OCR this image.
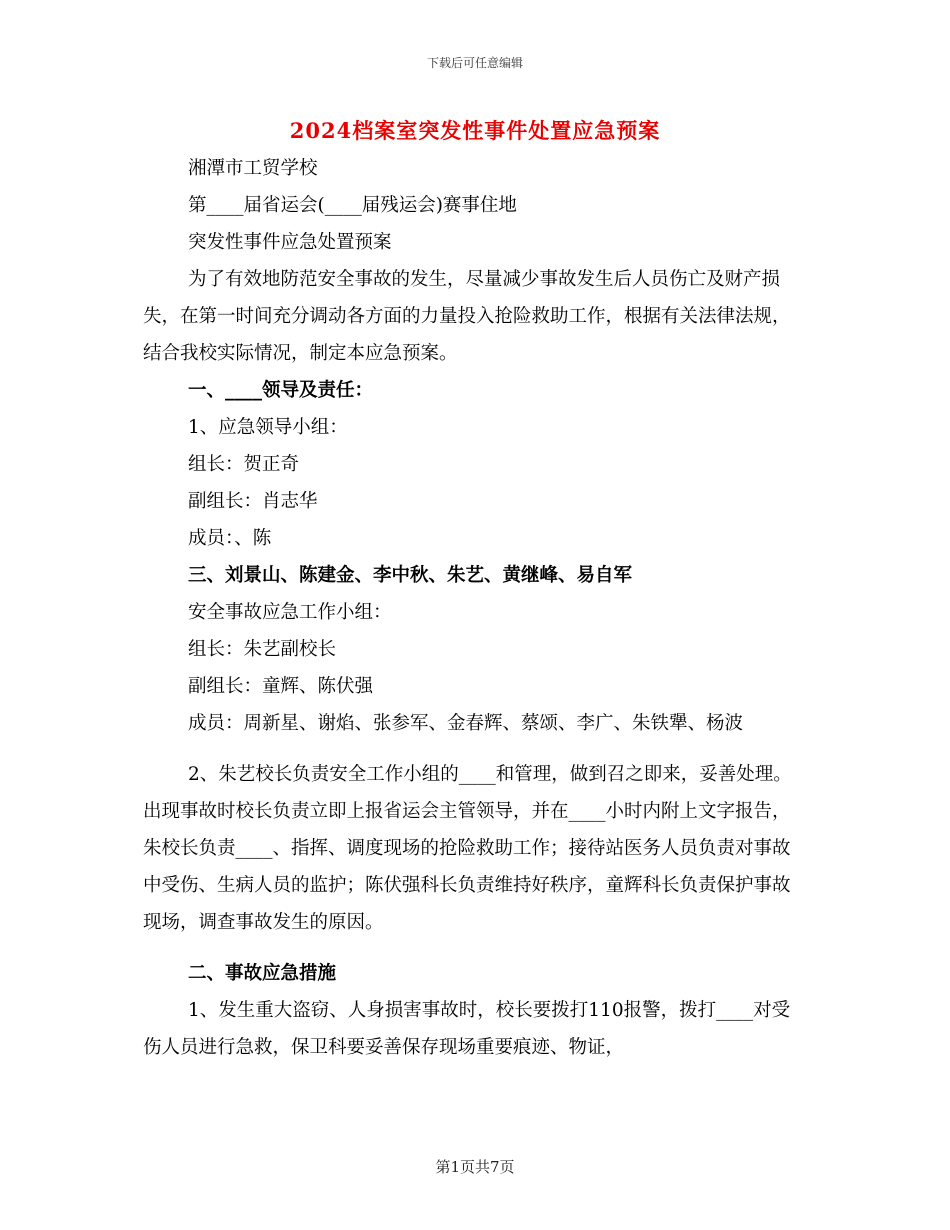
下载后可任意编辑
2024档案室突发性事件处置应急预案

湘潭市工贸学校

第____届省运会(____届残运会)赛事住地

突发性事件应急处置预案

为了有效地防范安全事故的发生，尽量减少事故发生后人员伤亡及财产损失，在第一时间充分调动各方面的力量投入抢险救助工作，根据有关法律法规，结合我校实际情况，制定本应急预案。

一、____领导及责任：

1、应急领导小组：

组长：贺正奇

副组长：肖志华

成员：、陈

三、刘景山、陈建金、李中秋、朱艺、黄继峰、易自军

安全事故应急工作小组：

组长：朱艺副校长

副组长：童辉、陈伏强

成员：周新星、谢焰、张参军、金春辉、蔡颂、李广、朱铁犟、杨波

2、朱艺校长负责安全工作小组的____和管理，做到召之即来，妥善处理。出现事故时校长负责立即上报省运会主管领导，并在____小时内附上文字报告，朱校长负责____、指挥、调度现场的抢险救助工作；接待站医务人员负责对事故中受伤、生病人员的监护；陈伏强科长负责维持好秩序，童辉科长负责保护事故现场，调查事故发生的原因。

二、事故应急措施

1、发生重大盗窃、人身损害事故时，校长要拨打110报警，拨打____对受伤人员进行急救，保卫科要妥善保存现场重要痕迹、物证，

第1页共7页
